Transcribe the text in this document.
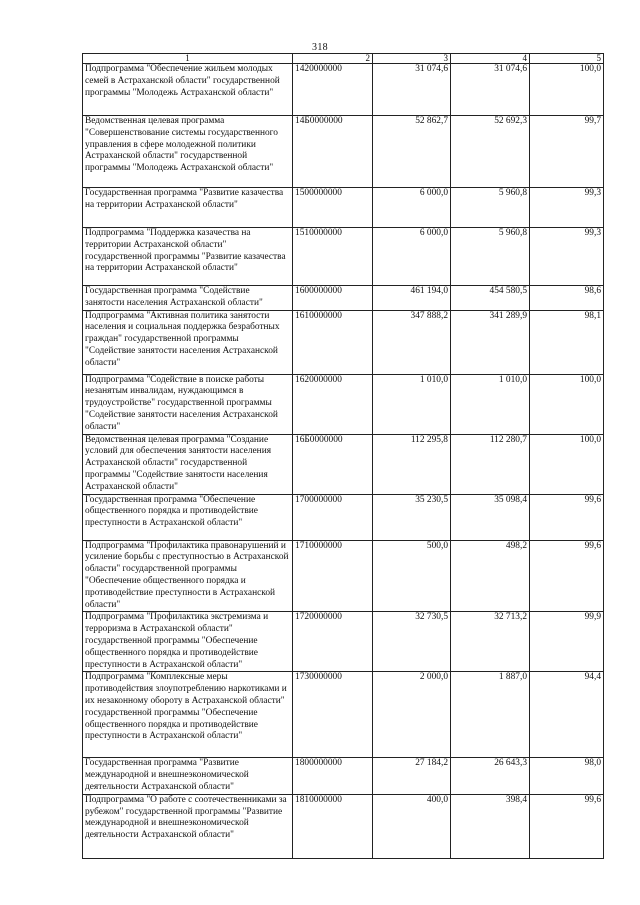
318
1	2	3	4	5
Подпрограмма "Обеспечение жильем молодых семей в Астраханской области" государственной программы "Молодежь Астраханской области"	1420000000	31 074,6	31 074,6	100,0
Ведомственная целевая программа "Совершенствование системы государственного управления в сфере молодежной политики Астраханской области" государственной программы "Молодежь Астраханской области"	14Б0000000	52 862,7	52 692,3	99,7
Государственная программа "Развитие казачества на территории Астраханской области"	1500000000	6 000,0	5 960,8	99,3
Подпрограмма "Поддержка казачества на территории Астраханской области" государственной программы "Развитие казачества на территории Астраханской области"	1510000000	6 000,0	5 960,8	99,3
Государственная программа "Содействие занятости населения Астраханской области"	1600000000	461 194,0	454 580,5	98,6
Подпрограмма "Активная политика занятости населения и социальная поддержка безработных граждан" государственной программы "Содействие занятости населения Астраханской области"	1610000000	347 888,2	341 289,9	98,1
Подпрограмма "Содействие в поиске работы незанятым инвалидам, нуждающимся в трудоустройстве" государственной программы "Содействие занятости населения Астраханской области"	1620000000	1 010,0	1 010,0	100,0
Ведомственная целевая программа "Создание условий для обеспечения занятости населения Астраханской области" государственной программы "Содействие занятости населения Астраханской области"	16Б0000000	112 295,8	112 280,7	100,0
Государственная программа "Обеспечение общественного порядка и противодействие преступности в Астраханской области"	1700000000	35 230,5	35 098,4	99,6
Подпрограмма "Профилактика правонарушений и усиление борьбы с преступностью в Астраханской области" государственной программы "Обеспечение общественного порядка и противодействие преступности в Астраханской области"	1710000000	500,0	498,2	99,6
Подпрограмма "Профилактика экстремизма и терроризма в Астраханской области" государственной программы "Обеспечение общественного порядка и противодействие преступности в Астраханской области"	1720000000	32 730,5	32 713,2	99,9
Подпрограмма "Комплексные меры противодействия злоупотреблению наркотиками и их незаконному обороту в Астраханской области" государственной программы "Обеспечение общественного порядка и противодействие преступности в Астраханской области"	1730000000	2 000,0	1 887,0	94,4
Государственная программа "Развитие международной и внешнеэкономической деятельности Астраханской области"	1800000000	27 184,2	26 643,3	98,0
Подпрограмма "О работе с соотечественниками за рубежом" государственной программы "Развитие международной и внешнеэкономической деятельности Астраханской области"	1810000000	400,0	398,4	99,6
